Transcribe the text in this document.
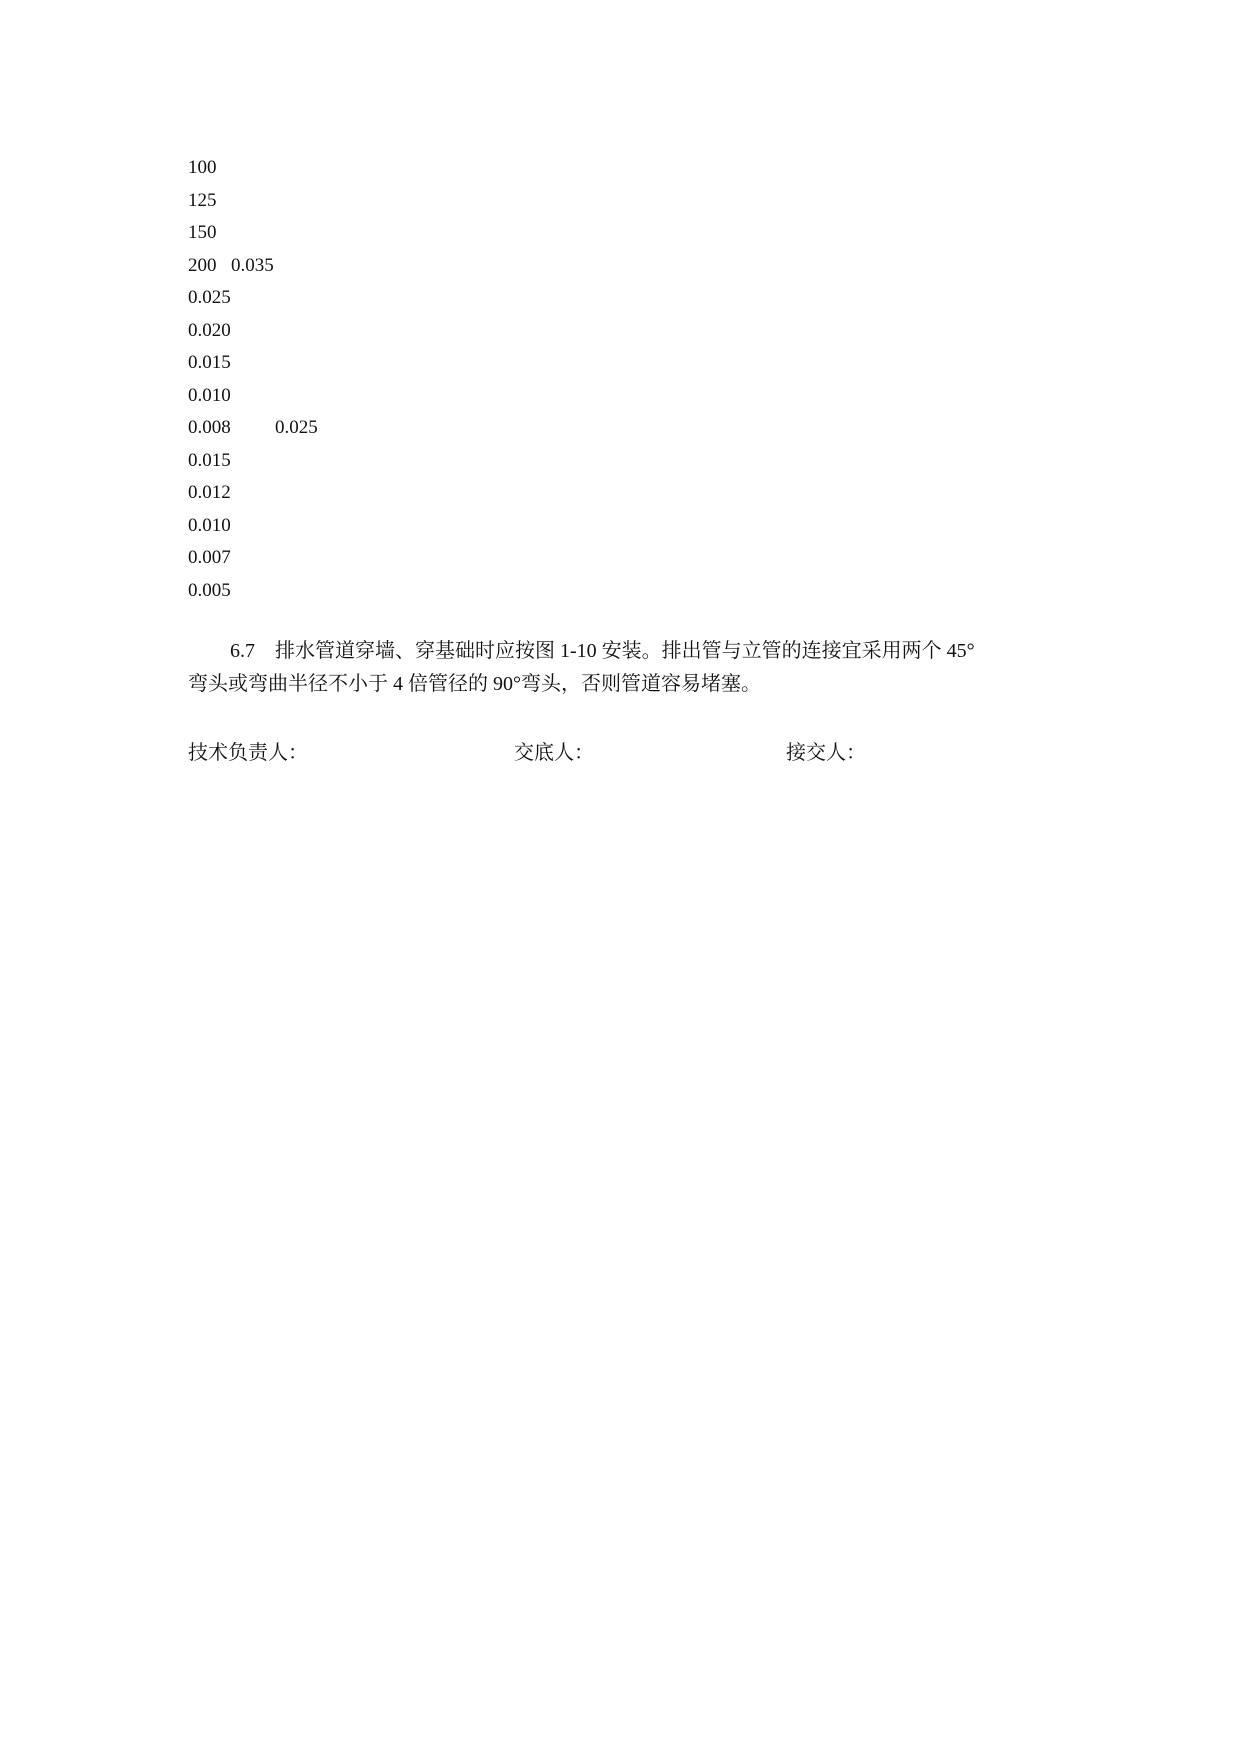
100
125
150
200 0.035
0.025
0.020
0.015
0.010
0.008 0.025
0.015
0.012
0.010
0.007
0.005
6.7　排水管道穿墙、穿基础时应按图 1-10 安装。排出管与立管的连接宜采用两个 45°
弯头或弯曲半径不小于 4 倍管径的 90°弯头，否则管道容易堵塞。
技术负责人：	交底人：	接交人：
